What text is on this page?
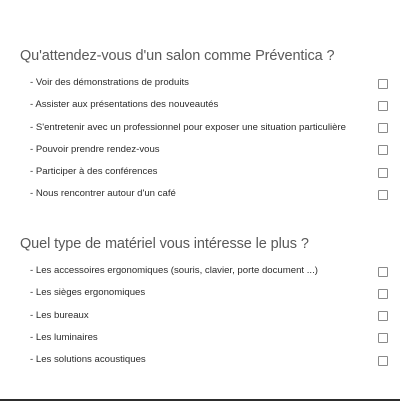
Qu'attendez-vous d'un salon comme Préventica ?
- Voir des démonstrations de produits
- Assister aux présentations des nouveautés
- S'entretenir avec un professionnel pour exposer une situation particulière
- Pouvoir prendre rendez-vous
- Participer à des conférences
- Nous rencontrer autour d'un café
Quel type de matériel vous intéresse le plus ?
- Les accessoires ergonomiques (souris, clavier, porte document ...)
- Les sièges ergonomiques
- Les bureaux
- Les luminaires
- Les solutions acoustiques
